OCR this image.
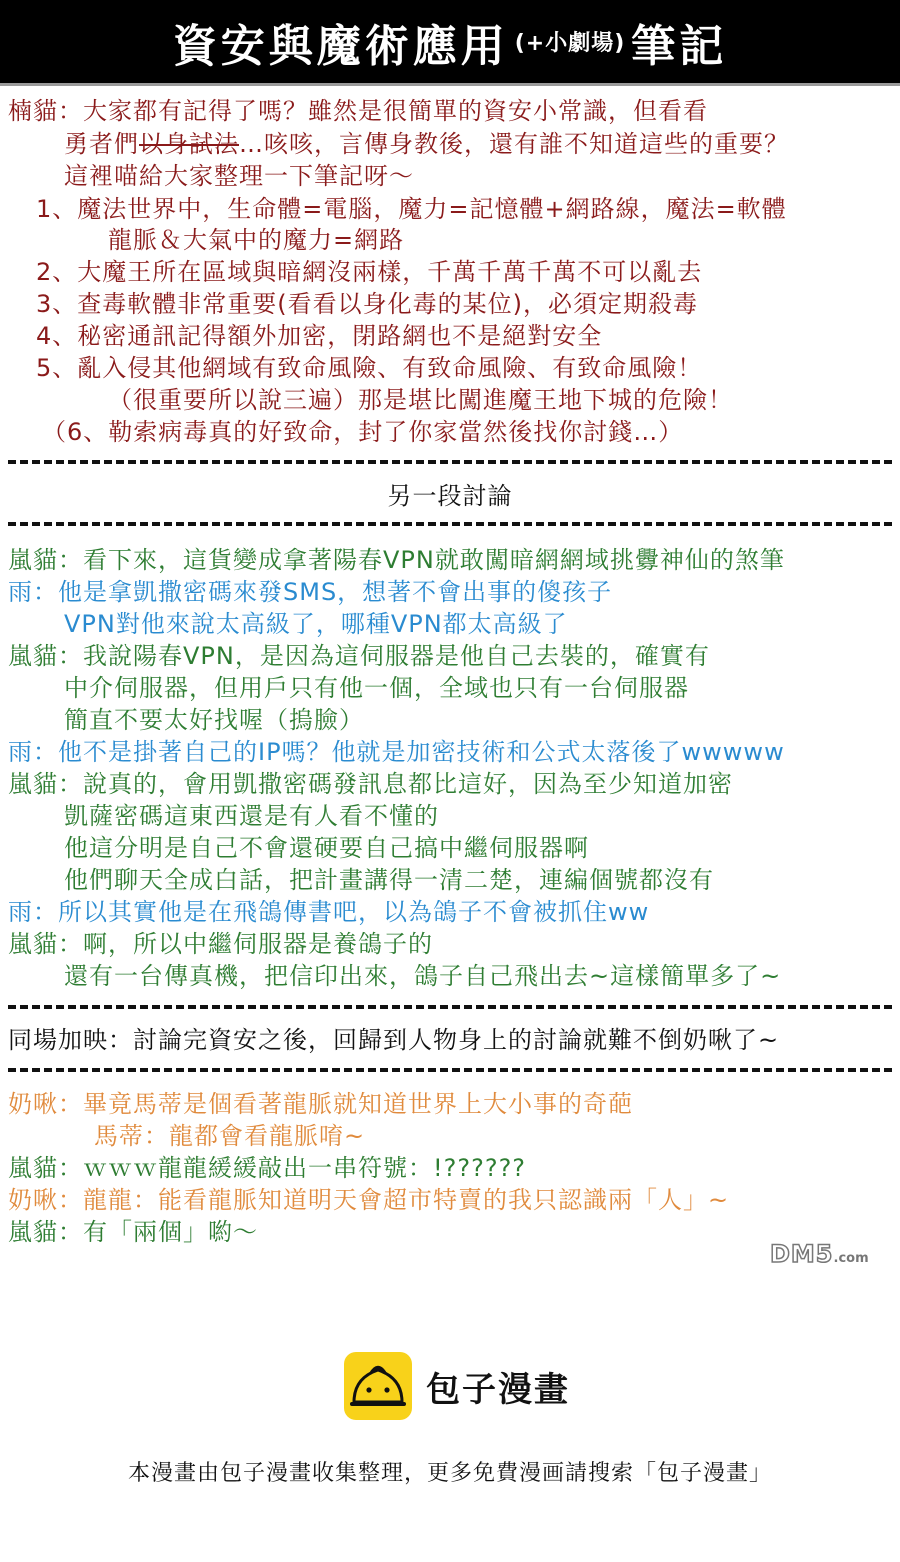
資安與魔術應用 (+小劇場) 筆記
楠貓：大家都有記得了嗎？雖然是很簡單的資安小常識，但看看
勇者們以身試法…咳咳，言傳身教後，還有誰不知道這些的重要？
這裡喵給大家整理一下筆記呀～
1、魔法世界中，生命體=電腦，魔力=記憶體+網路線，魔法=軟體
龍脈＆大氣中的魔力=網路
2、大魔王所在區域與暗網沒兩樣，千萬千萬千萬不可以亂去
3、查毒軟體非常重要(看看以身化毒的某位)，必須定期殺毒
4、秘密通訊記得額外加密，閉路網也不是絕對安全
5、亂入侵其他網域有致命風險、有致命風險、有致命風險！
（很重要所以說三遍）那是堪比闖進魔王地下城的危險！
（6、勒索病毒真的好致命，封了你家當然後找你討錢…）
另一段討論
嵐貓：看下來，這貨變成拿著陽春VPN就敢闖暗網網域挑釁神仙的煞筆
雨：他是拿凱撒密碼來發SMS，想著不會出事的傻孩子
VPN對他來說太高級了，哪種VPN都太高級了
嵐貓：我說陽春VPN，是因為這伺服器是他自己去裝的，確實有
中介伺服器，但用戶只有他一個，全域也只有一台伺服器
簡直不要太好找喔（摀臉）
雨：他不是掛著自己的IP嗎？他就是加密技術和公式太落後了wwwww
嵐貓：說真的，會用凱撒密碼發訊息都比這好，因為至少知道加密
凱薩密碼這東西還是有人看不懂的
他這分明是自己不會還硬要自己搞中繼伺服器啊
他們聊天全成白話，把計畫講得一清二楚，連編個號都沒有
雨：所以其實他是在飛鴿傳書吧，以為鴿子不會被抓住ww
嵐貓：啊，所以中繼伺服器是養鴿子的
還有一台傳真機，把信印出來，鴿子自己飛出去~這樣簡單多了~
同場加映：討論完資安之後，回歸到人物身上的討論就難不倒奶啾了~
奶啾：畢竟馬蒂是個看著龍脈就知道世界上大小事的奇葩
馬蒂：龍都會看龍脈唷~
嵐貓：ｗｗｗ龍龍緩緩敲出一串符號：!??????
奶啾：龍龍：能看龍脈知道明天會超市特賣的我只認識兩「人」~
嵐貓：有「兩個」喲～
DM5.com
包子漫畫
本漫畫由包子漫畫收集整理，更多免費漫画請搜索「包子漫畫」
